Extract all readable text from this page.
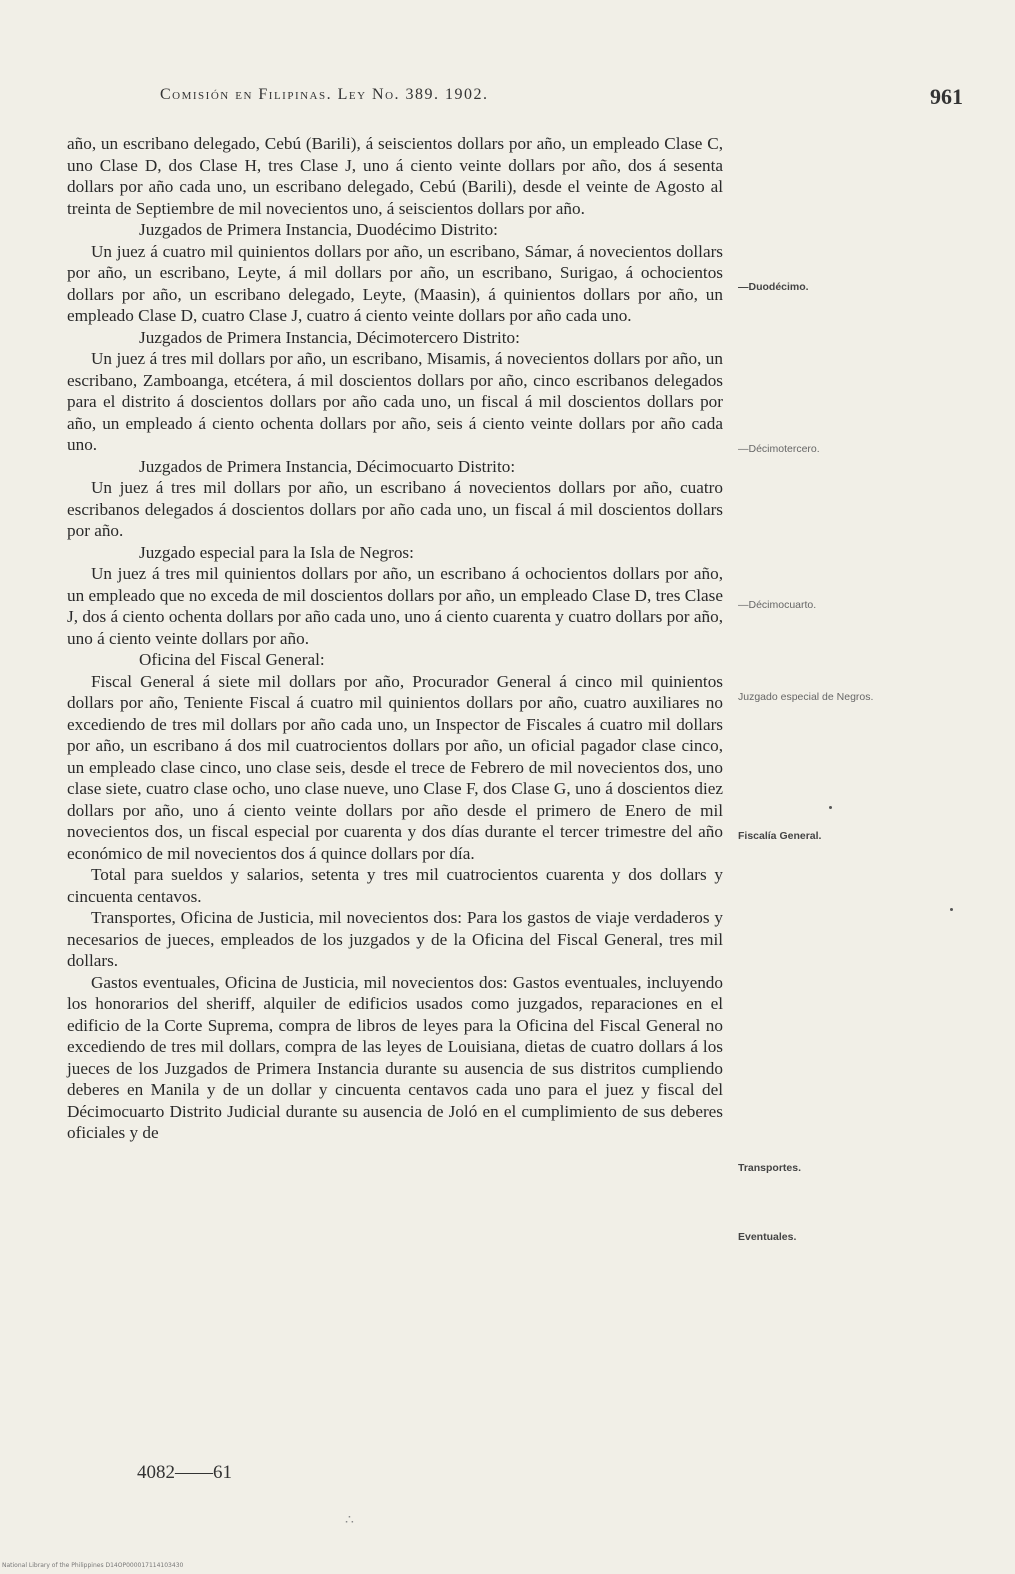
Comisión en Filipinas. Ley No. 389. 1902.	961

año, un escribano delegado, Cebú (Barili), á seiscientos dollars por año, un empleado Clase C, uno Clase D, dos Clase H, tres Clase J, uno á ciento veinte dollars por año, dos á sesenta dollars por año cada uno, un escribano delegado, Cebú (Barili), desde el veinte de Agosto al treinta de Septiembre de mil novecientos uno, á seiscientos dollars por año.

Juzgados de Primera Instancia, Duodécimo Distrito:

Un juez á cuatro mil quinientos dollars por año, un escribano, Sámar, á novecientos dollars por año, un escribano, Leyte, á mil dollars por año, un escribano, Surigao, á ochocientos dollars por año, un escribano delegado, Leyte, (Maasin), á quinientos dollars por año, un empleado Clase D, cuatro Clase J, cuatro á ciento veinte dollars por año cada uno.

Juzgados de Primera Instancia, Décimotercero Distrito:

Un juez á tres mil dollars por año, un escribano, Misamis, á novecientos dollars por año, un escribano, Zamboanga, etcétera, á mil doscientos dollars por año, cinco escribanos delegados para el distrito á doscientos dollars por año cada uno, un fiscal á mil doscientos dollars por año, un empleado á ciento ochenta dollars por año, seis á ciento veinte dollars por año cada uno.

Juzgados de Primera Instancia, Décimocuarto Distrito:

Un juez á tres mil dollars por año, un escribano á novecientos dollars por año, cuatro escribanos delegados á doscientos dollars por año cada uno, un fiscal á mil doscientos dollars por año.

Juzgado especial para la Isla de Negros:

Un juez á tres mil quinientos dollars por año, un escribano á ochocientos dollars por año, un empleado que no exceda de mil doscientos dollars por año, un empleado Clase D, tres Clase J, dos á ciento ochenta dollars por año cada uno, uno á ciento cuarenta y cuatro dollars por año, uno á ciento veinte dollars por año.

Oficina del Fiscal General:

Fiscal General á siete mil dollars por año, Procurador General á cinco mil quinientos dollars por año, Teniente Fiscal á cuatro mil quinientos dollars por año, cuatro auxiliares no excediendo de tres mil dollars por año cada uno, un Inspector de Fiscales á cuatro mil dollars por año, un escribano á dos mil cuatrocientos dollars por año, un oficial pagador clase cinco, un empleado clase cinco, uno clase seis, desde el trece de Febrero de mil novecientos dos, uno clase siete, cuatro clase ocho, uno clase nueve, uno Clase F, dos Clase G, uno á doscientos diez dollars por año, uno á ciento veinte dollars por año desde el primero de Enero de mil novecientos dos, un fiscal especial por cuarenta y dos días durante el tercer trimestre del año económico de mil novecientos dos á quince dollars por día.

Total para sueldos y salarios, setenta y tres mil cuatrocientos cuarenta y dos dollars y cincuenta centavos.

Transportes, Oficina de Justicia, mil novecientos dos: Para los gastos de viaje verdaderos y necesarios de jueces, empleados de los juzgados y de la Oficina del Fiscal General, tres mil dollars.

Gastos eventuales, Oficina de Justicia, mil novecientos dos: Gastos eventuales, incluyendo los honorarios del sheriff, alquiler de edificios usados como juzgados, reparaciones en el edificio de la Corte Suprema, compra de libros de leyes para la Oficina del Fiscal General no excediendo de tres mil dollars, compra de las leyes de Louisiana, dietas de cuatro dollars á los jueces de los Juzgados de Primera Instancia durante su ausencia de sus distritos cumpliendo deberes en Manila y de un dollar y cincuenta centavos cada uno para el juez y fiscal del Décimocuarto Distrito Judicial durante su ausencia de Joló en el cumplimiento de sus deberes oficiales y de

—Duodécimo.
—Décimotercero.
—Décimocuarto.
Juzgado especial de Negros.
Fiscalía General.
Transportes.
Eventuales.
4082——61
∴
National Library of the Philippines D14OP000017114103430
